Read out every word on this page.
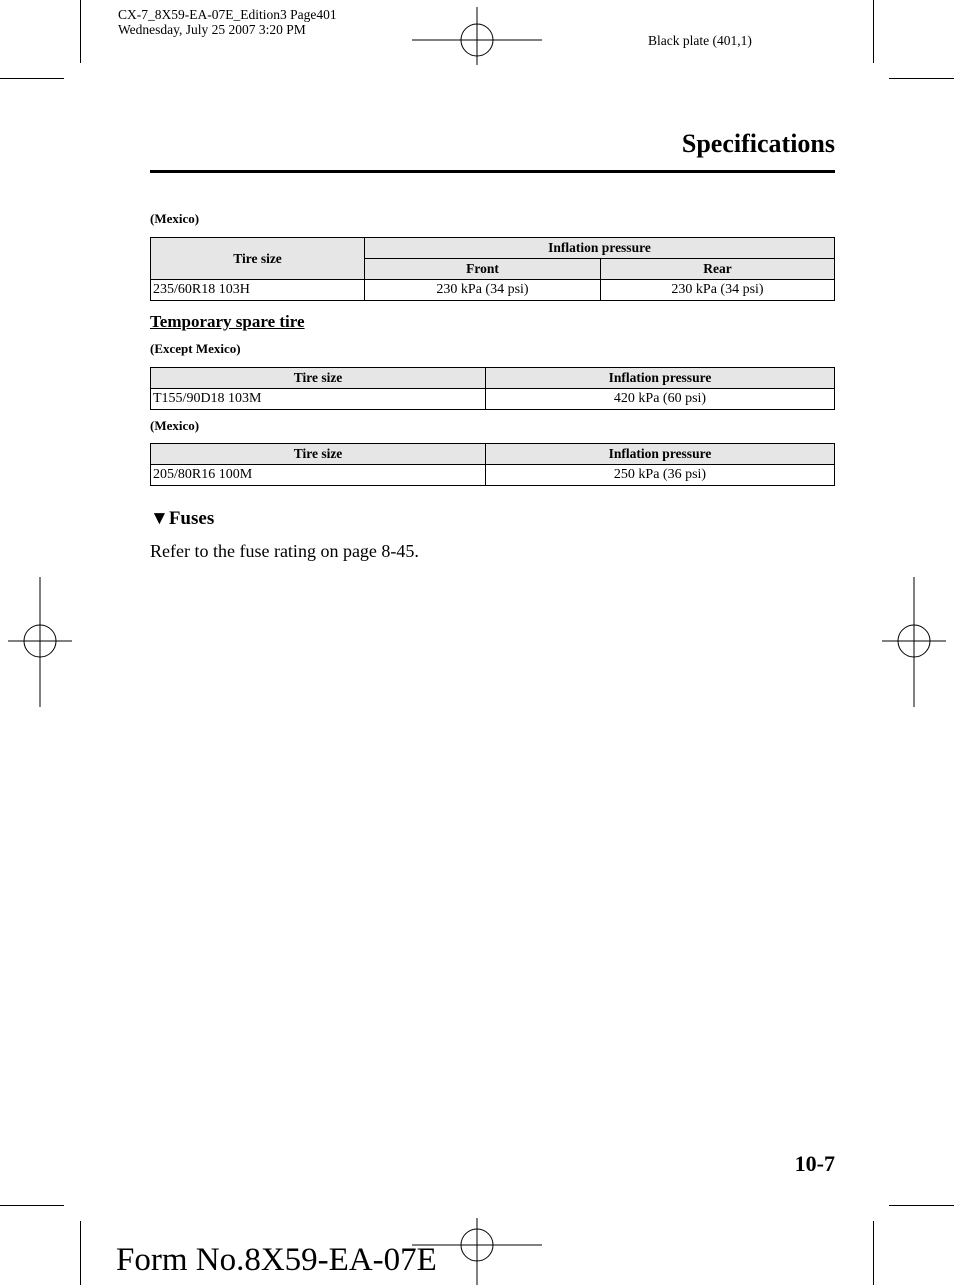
CX-7_8X59-EA-07E_Edition3 Page401
Wednesday, July 25 2007 3:20 PM
Black plate (401,1)
Specifications
(Mexico)
Tire size	Inflation pressure	
	Front	Rear
235/60R18 103H	230 kPa (34 psi)	230 kPa (34 psi)
Temporary spare tire
(Except Mexico)
Tire size	Inflation pressure
T155/90D18 103M	420 kPa (60 psi)
(Mexico)
Tire size	Inflation pressure
205/80R16 100M	250 kPa (36 psi)
▼Fuses
Refer to the fuse rating on page 8-45.
10-7
Form No.8X59-EA-07E
